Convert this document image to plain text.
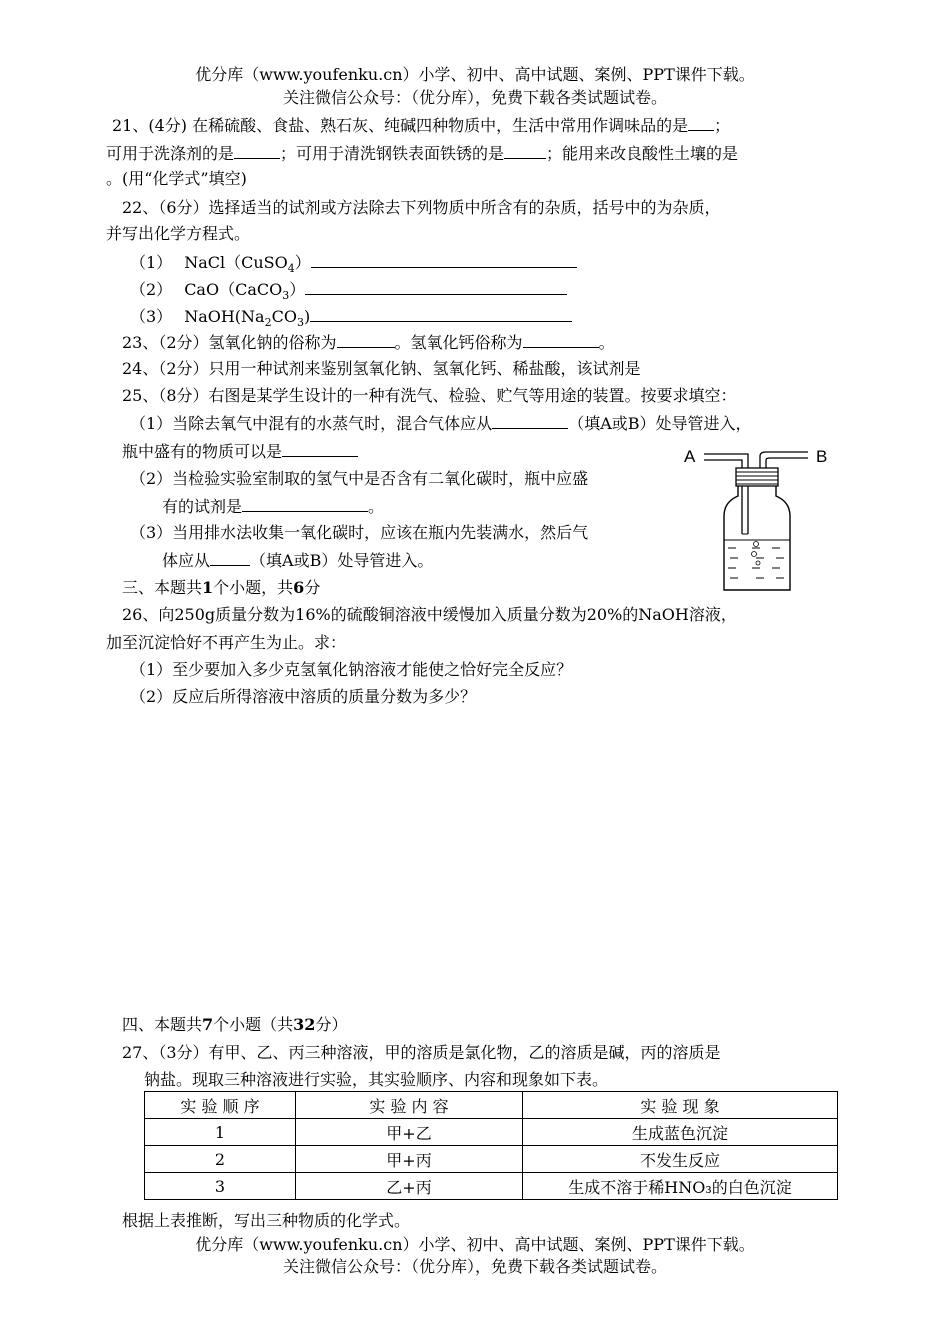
优分库（www.youfenku.cn）小学、初中、高中试题、案例、PPT课件下载。
关注微信公众号：（优分库），免费下载各类试题试卷。
21、(4分) 在稀硫酸、食盐、熟石灰、纯碱四种物质中，生活中常用作调味品的是 ；
可用于洗涤剂的是	；可用于清洗钢铁表面铁锈的是	；能用来改良酸性土壤的是
。(用“化学式”填空)
22、（6分）选择适当的试剂或方法除去下列物质中所含有的杂质，括号中的为杂质，
并写出化学方程式。
（1） NaCl（CuSO$_4$）
（2） CaO（CaCO$_3$）
（3） $NaOH(Na_2CO_3)$
23、（2分）氢氧化钠的俗称为	。氢氧化钙俗称为	。
24、（2分）只用一种试剂来鉴别氢氧化钠、氢氧化钙、稀盐酸，该试剂是
25、（8分）右图是某学生设计的一种有洗气、检验、贮气等用途的装置。按要求填空：
（1）当除去氧气中混有的水蒸气时，混合气体应从	（填A或B）处导管进入，
瓶中盛有的物质可以是
（2）当检验实验室制取的氢气中是否含有二氧化碳时，瓶中应盛
有的试剂是	。
（3）当用排水法收集一氧化碳时，应该在瓶内先装满水，然后气
体应从	（填A或B）处导管进入。
A	B
三、本题共1个小题，共6分
26、向250g质量分数为16%的硫酸铜溶液中缓慢加入质量分数为20%的NaOH溶液，
加至沉淀恰好不再产生为止。求：
（1）至少要加入多少克氢氧化钠溶液才能使之恰好完全反应？
（2）反应后所得溶液中溶质的质量分数为多少？
四、本题共7个小题（共32分）
27、（3分）有甲、乙、丙三种溶液，甲的溶质是氯化物，乙的溶质是碱，丙的溶质是
钠盐。现取三种溶液进行实验，其实验顺序、内容和现象如下表。
实 验 顺 序	实 验 内 容	实 验 现 象
1	甲+乙	生成蓝色沉淀
2	甲+丙	不发生反应
3	乙+丙	生成不溶于稀HNO₃的白色沉淀
根据上表推断，写出三种物质的化学式。
优分库（www.youfenku.cn）小学、初中、高中试题、案例、PPT课件下载。
关注微信公众号：（优分库），免费下载各类试题试卷。
